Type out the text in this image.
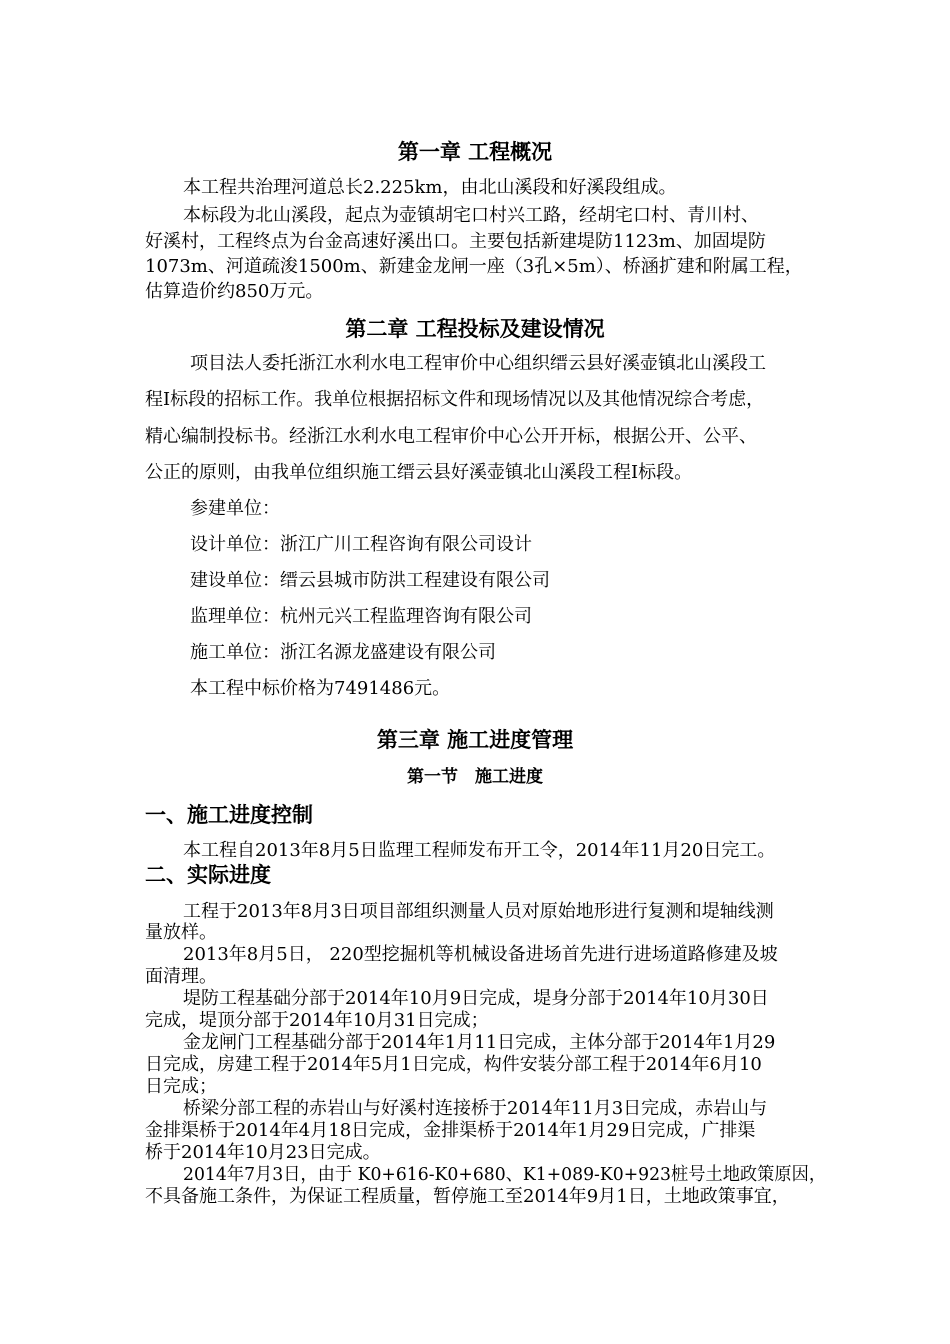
第一章 工程概况
本工程共治理河道总长2.225km，由北山溪段和好溪段组成。
本标段为北山溪段，起点为壶镇胡宅口村兴工路，经胡宅口村、青川村、
好溪村，工程终点为台金高速好溪出口。主要包括新建堤防1123m、加固堤防
1073m、河道疏浚1500m、新建金龙闸一座（3孔×5m）、桥涵扩建和附属工程，
估算造价约850万元。
第二章 工程投标及建设情况
项目法人委托浙江水利水电工程审价中心组织缙云县好溪壶镇北山溪段工
程Ⅰ标段的招标工作。我单位根据招标文件和现场情况以及其他情况综合考虑，
精心编制投标书。经浙江水利水电工程审价中心公开开标，根据公开、公平、
公正的原则，由我单位组织施工缙云县好溪壶镇北山溪段工程Ⅰ标段。
参建单位：
设计单位：浙江广川工程咨询有限公司设计
建设单位：缙云县城市防洪工程建设有限公司
监理单位：杭州元兴工程监理咨询有限公司
施工单位：浙江名源龙盛建设有限公司
本工程中标价格为7491486元。
第三章 施工进度管理
第一节　施工进度
一、施工进度控制
本工程自2013年8月5日监理工程师发布开工令，2014年11月20日完工。
二、实际进度
工程于2013年8月3日项目部组织测量人员对原始地形进行复测和堤轴线测
量放样。
2013年8月5日， 220型挖掘机等机械设备进场首先进行进场道路修建及坡
面清理。
堤防工程基础分部于2014年10月9日完成，堤身分部于2014年10月30日
完成，堤顶分部于2014年10月31日完成；
金龙闸门工程基础分部于2014年1月11日完成，主体分部于2014年1月29
日完成，房建工程于2014年5月1日完成，构件安装分部工程于2014年6月10
日完成；
桥梁分部工程的赤岩山与好溪村连接桥于2014年11月3日完成，赤岩山与
金排渠桥于2014年4月18日完成，金排渠桥于2014年1月29日完成，广排渠
桥于2014年10月23日完成。
2014年7月3日，由于 K0+616-K0+680、K1+089-K0+923桩号土地政策原因，
不具备施工条件，为保证工程质量，暂停施工至2014年9月1日，土地政策事宜，
